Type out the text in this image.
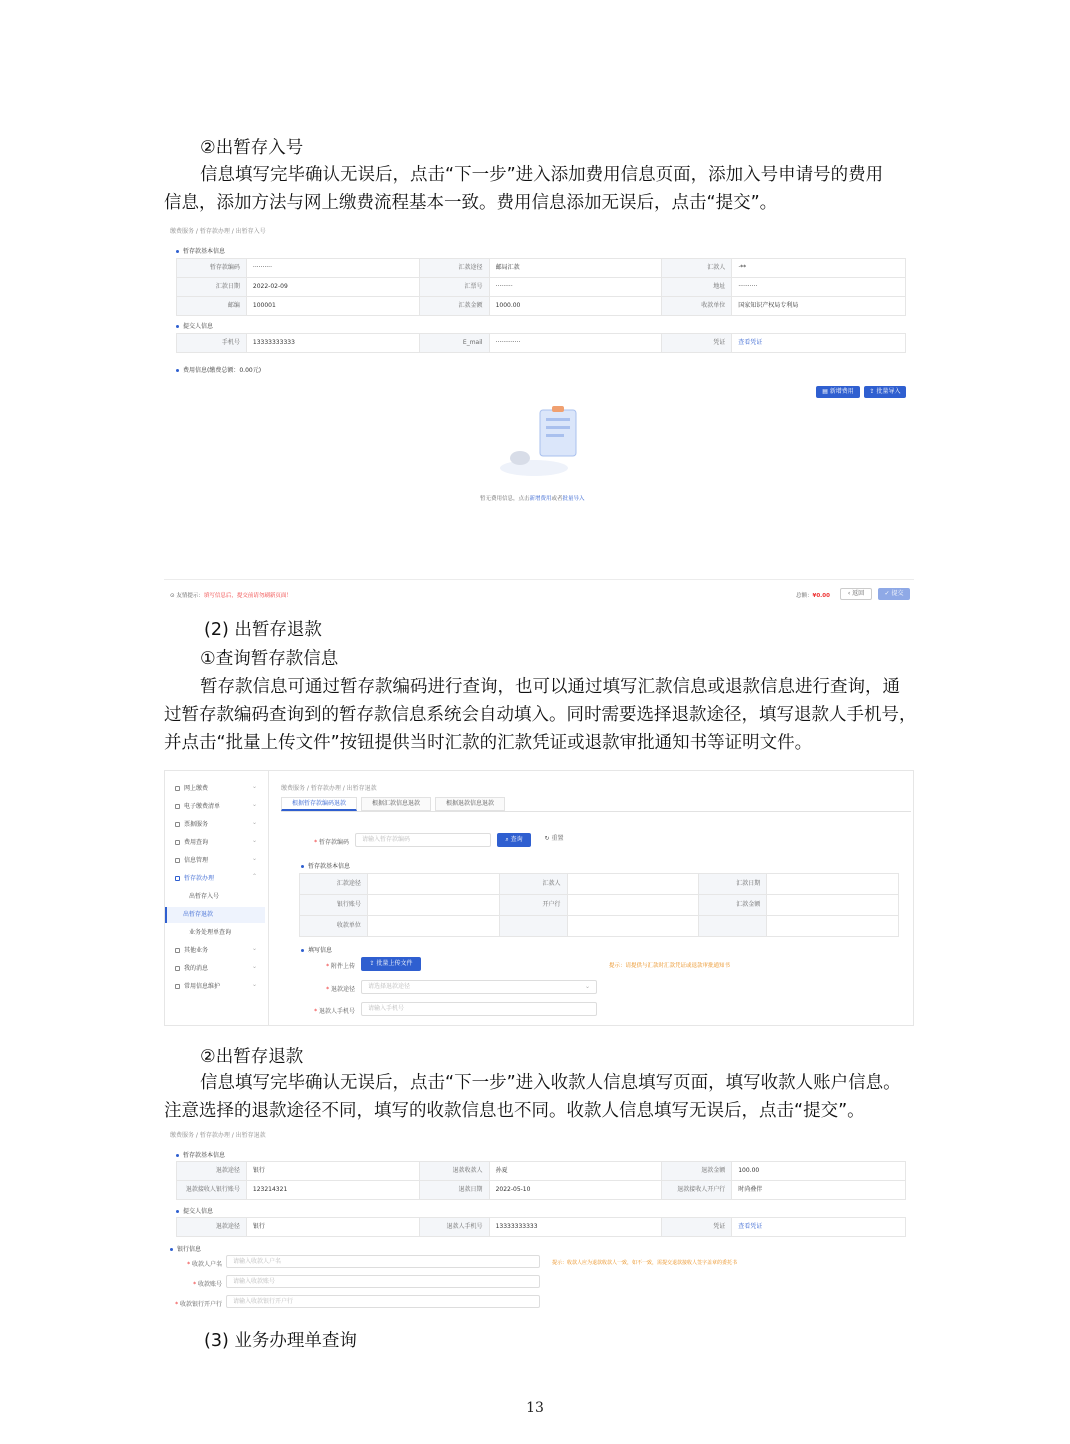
②出暂存入号
信息填写完毕确认无误后，点击“下一步”进入添加费用信息页面，添加入号申请号的费用
信息，添加方法与网上缴费流程基本一致。费用信息添加无误后，点击“提交”。
缴费服务 / 暂存款办理 / 出暂存入号
暂存款基本信息
暂存款编码	··········	汇款途径	邮局汇款	汇款人	·**
汇款日期	2022-02-09	汇票号	·········	地址	··········
邮编	100001	汇款金额	1000.00	收款单位	国家知识产权局专利局
提交人信息
手机号	13333333333	E_mail	·············	凭证	查看凭证
费用信息(缴费总额：0.00元)
▤ 新增费用	⇪ 批量导入
暂无费用信息，点击新增费用或者批量导入
⊙ 友情提示：填写信息后，提交前请勿刷新页面！	总额：¥0.00	‹ 返回	✓ 提交
(2) 出暂存退款
①查询暂存款信息
暂存款信息可通过暂存款编码进行查询，也可以通过填写汇款信息或退款信息进行查询，通
过暂存款编码查询到的暂存款信息系统会自动填入。同时需要选择退款途径，填写退款人手机号，
并点击“批量上传文件”按钮提供当时汇款的汇款凭证或退款审批通知书等证明文件。
网上缴费	⌄
电子缴费清单	⌄
票据服务	⌄
费用查询	⌄
信息管理	⌄
暂存款办理	⌃
出暂存入号
出暂存退款
业务处理单查询
其他业务	⌄
我的消息	⌄
常用信息维护	⌄
缴费服务 / 暂存款办理 / 出暂存退款
根据暂存款编码退款	根据汇款信息退款	根据退款信息退款
* 暂存款编码	请输入暂存款编码	⌕ 查询	↻ 重置
暂存款基本信息
汇款途径	汇款人	汇款日期
银行账号	开户行	汇款金额
收款单位
填写信息
* 附件上传	⇪ 批量上传文件	提示：请提供与汇款时汇款凭证或退款审批通知书
* 退款途径	请选择退款途径	⌄
* 退款人手机号	请输入手机号
②出暂存退款
信息填写完毕确认无误后，点击“下一步”进入收款人信息填写页面，填写收款人账户信息。
注意选择的退款途径不同，填写的收款信息也不同。收款人信息填写无误后，点击“提交”。
缴费服务 / 暂存款办理 / 出暂存退款
暂存款基本信息
退款途径	银行	退款收款人	孙夏	退款金额	100.00
退款接收人银行账号	123214321	退款日期	2022-05-10	退款接收人开户行	时尚叠伴
提交人信息
退款途径	银行	退款人手机号	13333333333	凭证	查看凭证
银行信息
* 收款人户名	请输入收款人户名	提示：收款人应为退款收款人一致，如不一致，需提交退款接收人签字盖章的委托书
* 收款账号	请输入收款账号
* 收款银行开户行	请输入收款银行开户行
(3) 业务办理单查询
13
